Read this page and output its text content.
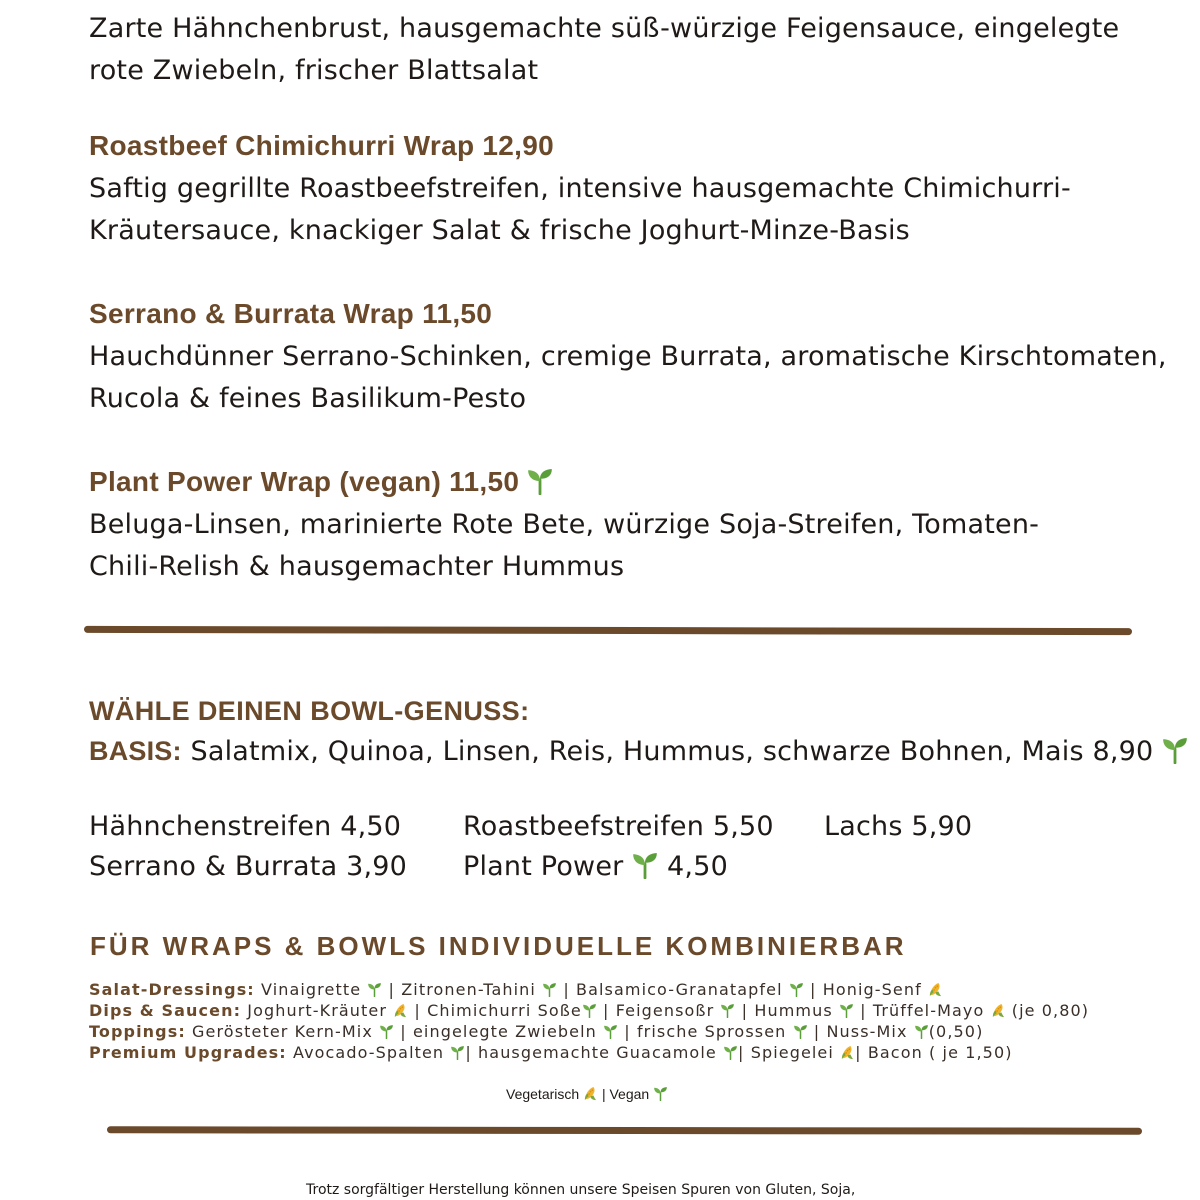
Zarte Hähnchenbrust, hausgemachte süß-würzige Feigensauce, eingelegte
rote Zwiebeln, frischer Blattsalat
Roastbeef Chimichurri Wrap 12,90
Saftig gegrillte Roastbeefstreifen, intensive hausgemachte Chimichurri-
Kräutersauce, knackiger Salat & frische Joghurt-Minze-Basis
Serrano & Burrata Wrap 11,50
Hauchdünner Serrano-Schinken, cremige Burrata, aromatische Kirschtomaten,
Rucola & feines Basilikum-Pesto
Plant Power Wrap (vegan) 11,50
Beluga-Linsen, marinierte Rote Bete, würzige Soja-Streifen, Tomaten-
Chili-Relish & hausgemachter Hummus
WÄHLE DEINEN BOWL-GENUSS:
BASIS: Salatmix, Quinoa, Linsen, Reis, Hummus, schwarze Bohnen, Mais 8,90
Hähnchenstreifen 4,50 Roastbeefstreifen 5,50 Lachs 5,90
Serrano & Burrata 3,90 Plant Power 4,50
FÜR WRAPS & BOWLS INDIVIDUELLE KOMBINIERBAR
Salat-Dressings: Vinaigrette | Zitronen-Tahini | Balsamico-Granatapfel | Honig-Senf
Dips & Saucen: Joghurt-Kräuter | Chimichurri Soße | Feigensoßr | Hummus | Trüffel-Mayo (je 0,80)
Toppings: Gerösteter Kern-Mix | eingelegte Zwiebeln | frische Sprossen | Nuss-Mix (0,50)
Premium Upgrades: Avocado-Spalten | hausgemachte Guacamole | Spiegelei | Bacon ( je 1,50)
Vegetarisch | Vegan
Trotz sorgfältiger Herstellung können unsere Speisen Spuren von Gluten, Soja,
